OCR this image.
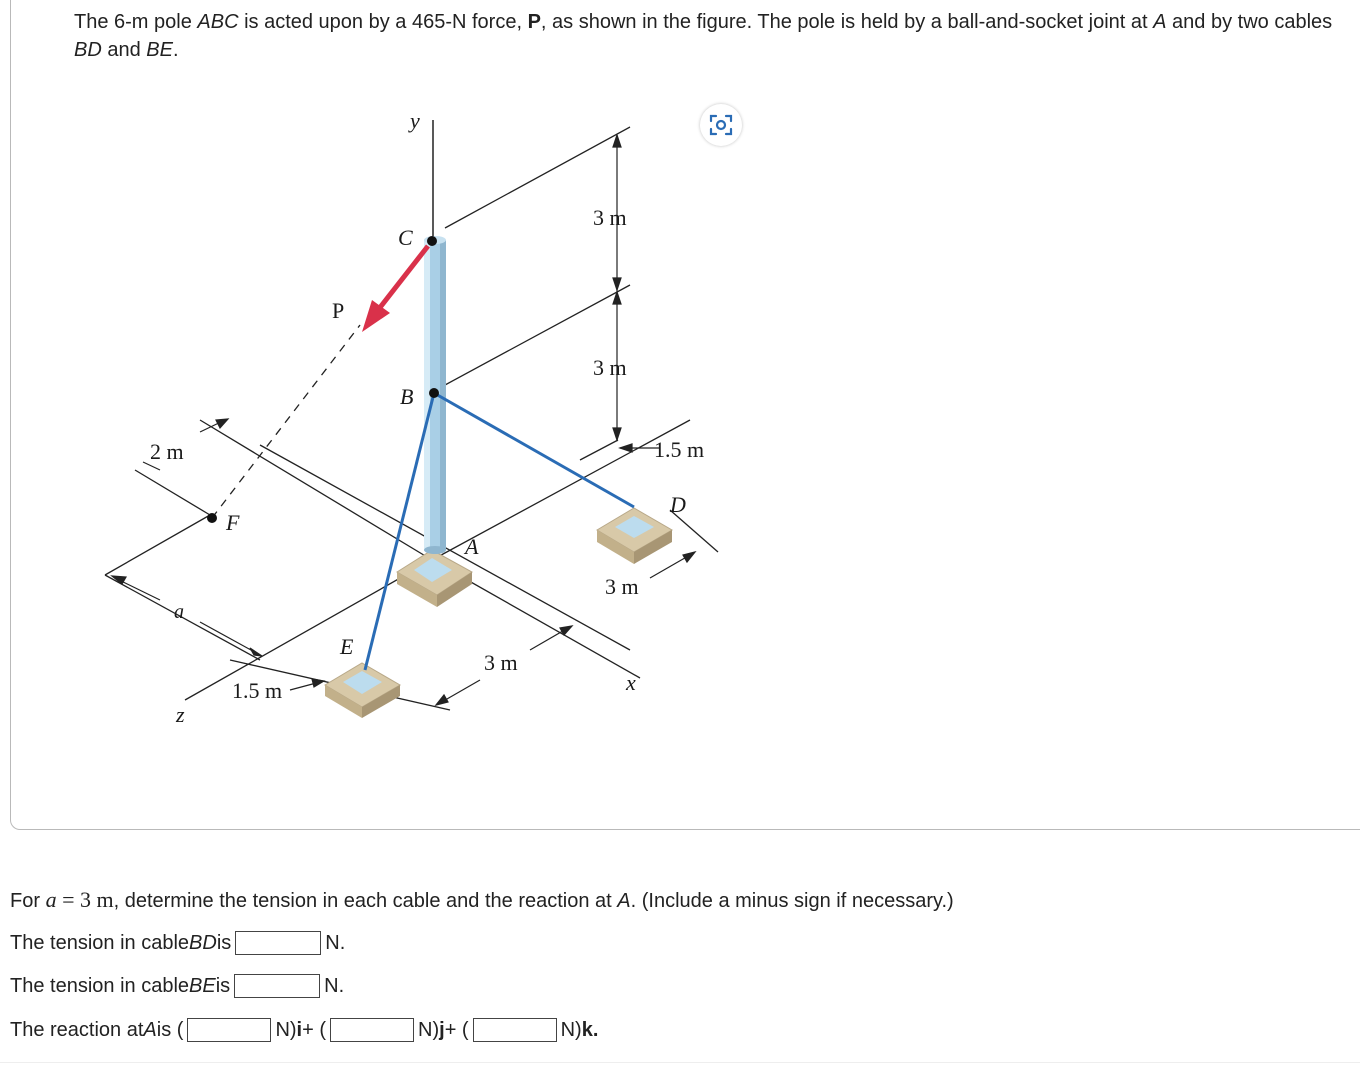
The 6-m pole ABC is acted upon by a 465-N force, P, as shown in the figure. The pole is held by a ball-and-socket joint at A and by two cables BD and BE.
y
C
P
B
F
A
E
D
x
z
a
3 m
3 m
1.5 m
2 m
3 m
3 m
1.5 m
For a = 3 m, determine the tension in each cable and the reaction at A. (Include a minus sign if necessary.)
The tension in cable BD is	N.
The tension in cable BE is	N.
The reaction at A is (	N) i + (	N) j + (	N) k .
